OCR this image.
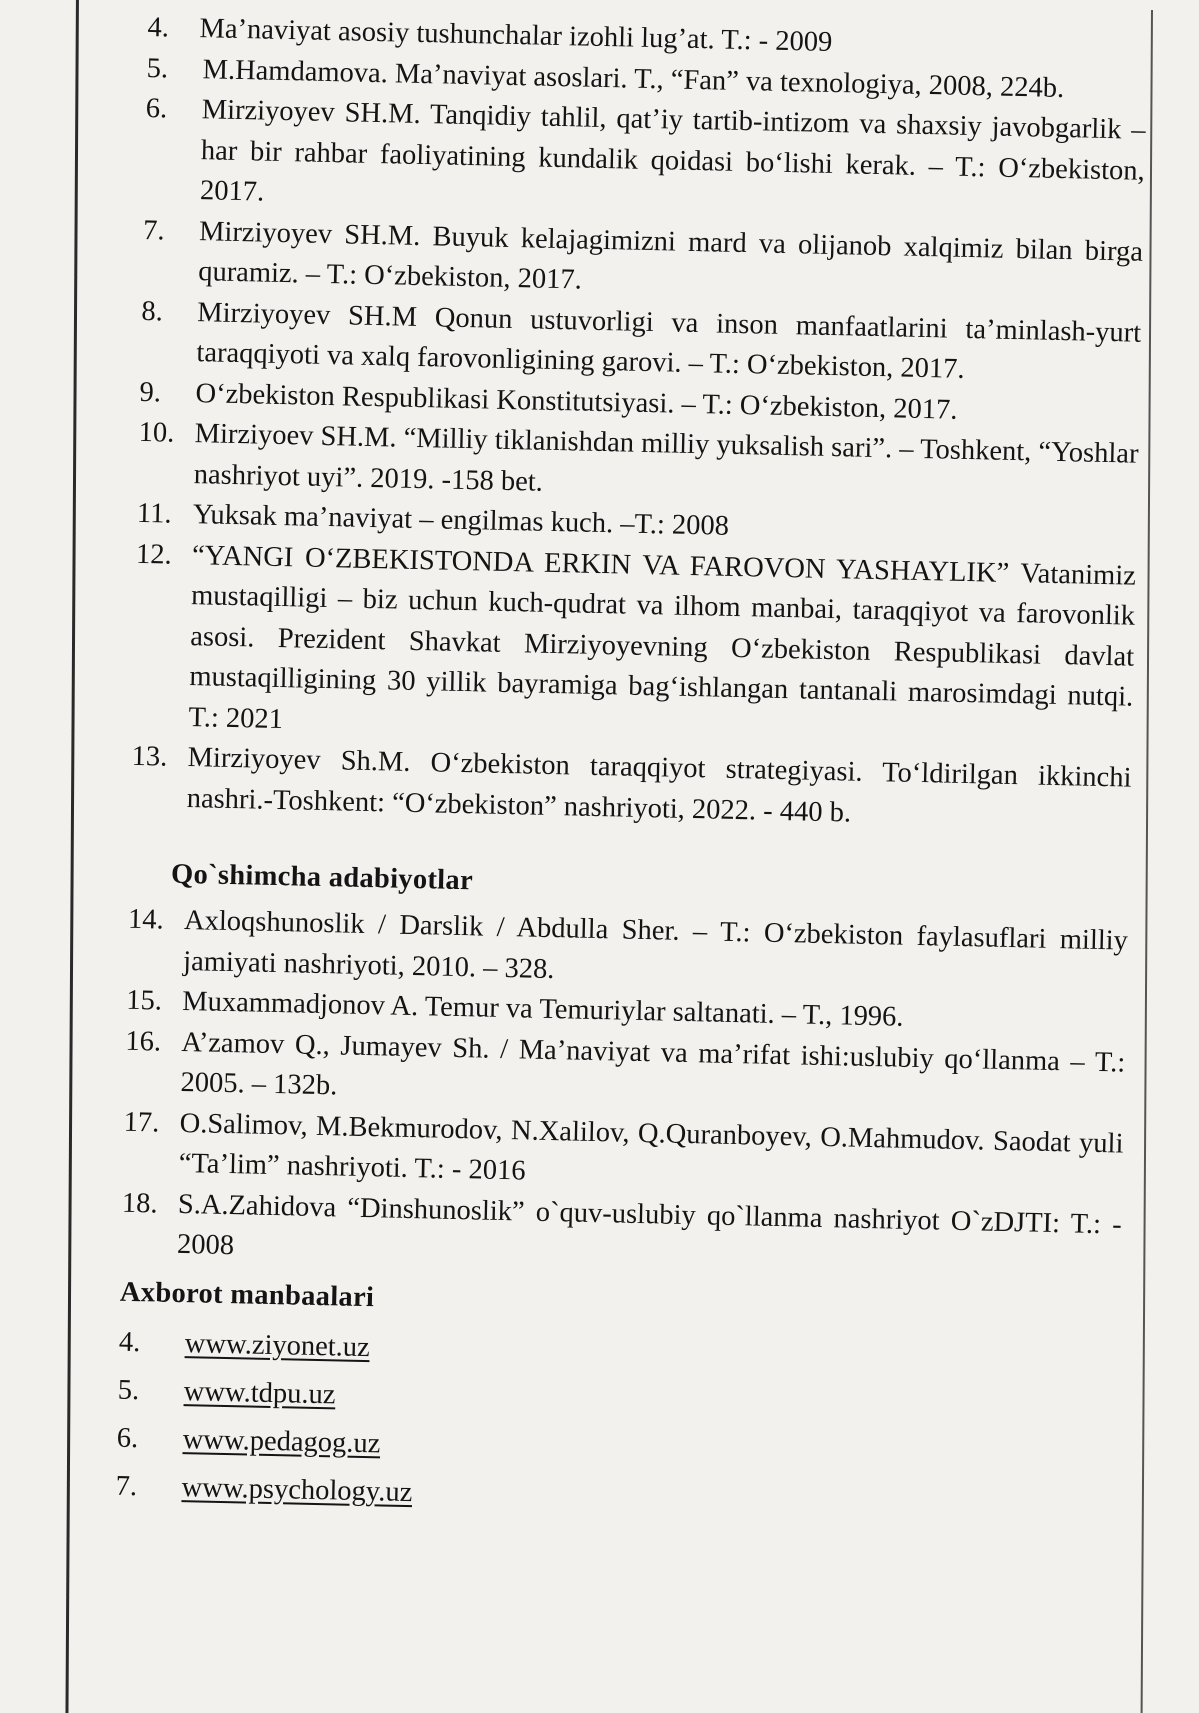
4. Ma’naviyat asosiy tushunchalar izohli lug’at. T.: - 2009
5. M.Hamdamova. Ma’naviyat asoslari. T., “Fan” va texnologiya, 2008, 224b.
6. Mirziyoyev SH.M. Tanqidiy tahlil, qat’iy tartib-intizom va shaxsiy javobgarlik – har bir rahbar faoliyatining kundalik qoidasi bo‘lishi kerak. – T.: O‘zbekiston, 2017.
7. Mirziyoyev SH.M. Buyuk kelajagimizni mard va olijanob xalqimiz bilan birga quramiz. – T.: O‘zbekiston, 2017.
8. Mirziyoyev SH.M Qonun ustuvorligi va inson manfaatlarini ta’minlash-yurt taraqqiyoti va xalq farovonligining garovi. – T.: O‘zbekiston, 2017.
9. O‘zbekiston Respublikasi Konstitutsiyasi. – T.: O‘zbekiston, 2017.
10. Mirziyoev SH.M. “Milliy tiklanishdan milliy yuksalish sari”. – Toshkent, “Yoshlar nashriyot uyi”. 2019. -158 bet.
11. Yuksak ma’naviyat – engilmas kuch. –T.: 2008
12. “YANGI O‘ZBEKISTONDA ERKIN VA FAROVON YASHAYLIK” Vatanimiz mustaqilligi – biz uchun kuch-qudrat va ilhom manbai, taraqqiyot va farovonlik asosi. Prezident Shavkat Mirziyoyevning O‘zbekiston Respublikasi davlat mustaqilligining 30 yillik bayramiga bag‘ishlangan tantanali marosimdagi nutqi. T.: 2021
13. Mirziyoyev Sh.M. O‘zbekiston taraqqiyot strategiyasi. To‘ldirilgan ikkinchi nashri.-Toshkent: “O‘zbekiston” nashriyoti, 2022. - 440 b.
Qo`shimcha adabiyotlar
14. Axloqshunoslik / Darslik / Abdulla Sher. – T.: O‘zbekiston faylasuflari milliy jamiyati nashriyoti, 2010. – 328.
15. Muxammadjonov A. Temur va Temuriylar saltanati. – T., 1996.
16. A’zamov Q., Jumayev Sh. / Ma’naviyat va ma’rifat ishi:uslubiy qo‘llanma – T.: 2005. – 132b.
17. O.Salimov, M.Bekmurodov, N.Xalilov, Q.Quranboyev, O.Mahmudov. Saodat yuli “Ta’lim” nashriyoti. T.: - 2016
18. S.A.Zahidova “Dinshunoslik” o`quv-uslubiy qo`llanma nashriyot O`zDJTI: T.: - 2008
Axborot manbaalari
4. www.ziyonet.uz
5. www.tdpu.uz
6. www.pedagog.uz
7. www.psychology.uz
